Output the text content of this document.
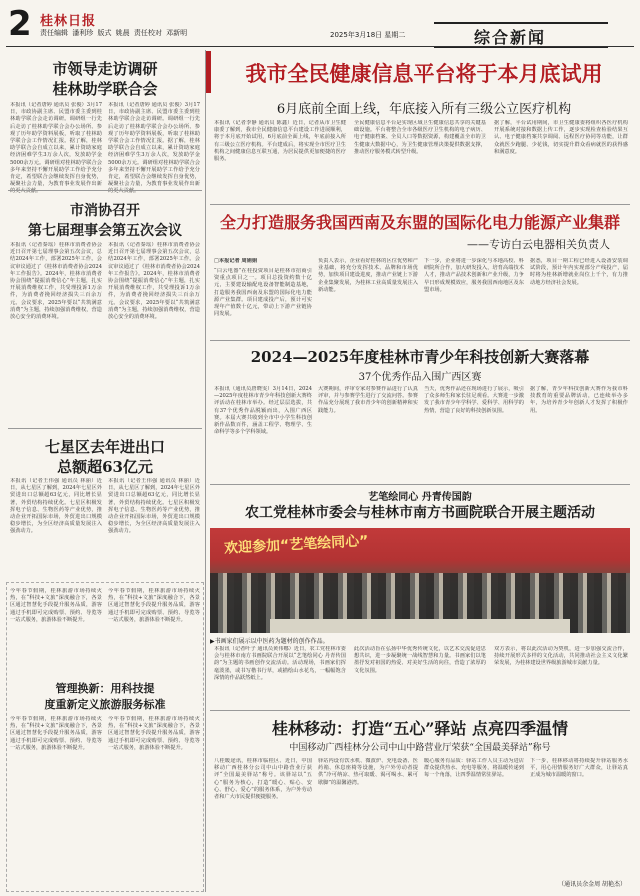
2 桂林日报
责任编辑 潘利珍 版式 姚晨 责任校对 邓新明	2025年3月18日 星期二	综合新闻
市领导走访调研
桂林助学联合会
本报讯（记者唐婷 通讯员 张俊）3月17日，市政协副主席、民盟市委主委到桂林助学联合会走访调研。调研组一行先后走访了桂林助学联合会办公场所、参观了历年助学资料展板，听取了桂林助学联合会工作情况汇报。据了解，桂林助学联合会自成立以来，累计资助家庭经济困难学生3万余人次，发放助学金5000余万元。调研组对桂林助学联合会多年来坚持不懈开展助学工作给予充分肯定，希望联合会继续发挥自身优势，凝聚社会力量，为教育事业发展作出新的更大贡献。
本报讯（记者唐婷 通讯员 张俊）3月17日，市政协副主席、民盟市委主委到桂林助学联合会走访调研。调研组一行先后走访了桂林助学联合会办公场所、参观了历年助学资料展板，听取了桂林助学联合会工作情况汇报。据了解，桂林助学联合会自成立以来，累计资助家庭经济困难学生3万余人次，发放助学金5000余万元。调研组对桂林助学联合会多年来坚持不懈开展助学工作给予充分肯定，希望联合会继续发挥自身优势，凝聚社会力量，为教育事业发展作出新的更大贡献。
市消协召开
第七届理事会第五次会议
本报讯（记者秦瑶）桂林市消费者协会近日召开第七届理事会第五次会议，总结2024年工作，部署2025年工作。会议审议通过了《桂林市消费者协会2024年工作报告》。2024年，桂林市消费者协会围绕“提振消费信心”年主题，扎实开展消费维权工作，共受理投诉1万余件，为消费者挽回经济损失三百余万元。会议要求，2025年要以“共筑满意消费”为主题，持续加强消费维权，营造放心安全的消费环境。
本报讯（记者秦瑶）桂林市消费者协会近日召开第七届理事会第五次会议，总结2024年工作，部署2025年工作。会议审议通过了《桂林市消费者协会2024年工作报告》。2024年，桂林市消费者协会围绕“提振消费信心”年主题，扎实开展消费维权工作，共受理投诉1万余件，为消费者挽回经济损失三百余万元。会议要求，2025年要以“共筑满意消费”为主题，持续加强消费维权，营造放心安全的消费环境。
七星区去年进出口
总额超63亿元
本报讯（记者王伟强 通讯员 林丽）近日，从七星区了解到，2024年七星区外贸进出口总额超63亿元，同比增长显著，外贸结构持续优化。七星区积极发挥电子信息、生物医药等产业优势，推动企业开拓国际市场，外贸进出口规模稳步增长，为全区经济高质量发展注入强劲动力。
本报讯（记者王伟强 通讯员 林丽）近日，从七星区了解到，2024年七星区外贸进出口总额超63亿元，同比增长显著，外贸结构持续优化。七星区积极发挥电子信息、生物医药等产业优势，推动企业开拓国际市场，外贸进出口规模稳步增长，为全区经济高质量发展注入强劲动力。
今年春节假期，桂林旅游市场持续火热，在“科技+文旅”深度融合下，各景区通过智慧化手段提升服务品质，游客通过手机即可完成购票、预约、导览等一站式服务，旅游体验不断提升。
今年春节假期，桂林旅游市场持续火热，在“科技+文旅”深度融合下，各景区通过智慧化手段提升服务品质，游客通过手机即可完成购票、预约、导览等一站式服务，旅游体验不断提升。
管理换新：用科技提
度重新定义旅游服务标准
今年春节假期，桂林旅游市场持续火热，在“科技+文旅”深度融合下，各景区通过智慧化手段提升服务品质，游客通过手机即可完成购票、预约、导览等一站式服务，旅游体验不断提升。
今年春节假期，桂林旅游市场持续火热，在“科技+文旅”深度融合下，各景区通过智慧化手段提升服务品质，游客通过手机即可完成购票、预约、导览等一站式服务，旅游体验不断提升。
我市全民健康信息平台将于本月底试用
6月底前全面上线，年底接入所有三级公立医疗机构
本报讯（记者李静 通讯员 陈鑫）近日，记者从市卫生健康委了解到，我市全民健康信息平台建设工作进展顺利，将于本月底开始试用，6月底前全面上线，年底前接入所有三级公立医疗机构。平台建成后，将实现全市医疗卫生机构之间健康信息互联互通，为居民提供更加便捷的医疗服务。
全民健康信息平台是实现区域卫生健康信息共享的关键基础设施。平台将整合全市各级医疗卫生机构的电子病历、电子健康档案、全员人口等数据资源，构建覆盖全市的卫生健康大数据中心，为卫生健康管理决策提供数据支撑，推动医疗服务模式转型升级。
据了解，平台试用期间，市卫生健康委将组织各医疗机构开展系统对接和数据上传工作，逐步实现检查检验结果互认、电子健康档案共享调阅、远程医疗协同等功能，让群众就医少跑腿、少花钱，切实提升群众看病就医的获得感和满意度。
全力打造服务我国西南及东盟的国际化电力能源产业集群
——专访白云电器相关负责人
□本报记者 周娟娟
“白云电器”在桂投资项目是桂林市招商引资重点项目之一。项目总投资约数十亿元，主要建设输配电设备智能制造基地，打造服务我国西南及东盟的国际化电力能源产业集群。项目建成投产后，预计可实现年产值数十亿元，带动上下游产业链协同发展。
负责人表示，企业看好桂林的区位优势和产业基础，将充分发挥技术、品牌和市场优势，加快项目建设进度，推动产业链上下游企业集聚发展，为桂林工业高质量发展注入新动能。
下一步，企业将进一步深化与本地高校、科研院所合作，加大研发投入，培育高端技术人才，推动产品技术创新和产业升级，力争早日形成规模效应，服务我国西南地区及东盟市场。
据悉，项目一期工程已经进入设备安装调试阶段，预计年内实现部分产线投产，届时将为桂林新增就业岗位上千个，有力推动地方经济社会发展。
2024—2025年度桂林市青少年科技创新大赛落幕
37个优秀作品入围广西区赛
本报讯（通讯员唐晓雯）3月14日，2024—2025年度桂林市青少年科技创新大赛终评活动在桂林市举办。经过层层选拔，共有37个优秀作品脱颖而出，入围广西区赛。本届大赛共收到全市中小学生科技创新作品数百件，涵盖工程学、物理学、生命科学等多个学科领域。
大赛期间，评审专家对参赛作品进行了认真评审，并与参赛学生进行了交流问答。参赛作品充分展现了我市青少年的创新精神和实践能力。
当天，优秀作品还在现场进行了展示，吸引了众多师生和家长驻足观看。大赛进一步激发了我市青少年学科学、爱科学、用科学的热情，营造了良好的科技创新氛围。
据了解，青少年科技创新大赛作为我市科技教育的重要品牌活动，已连续举办多年，为培养青少年创新人才发挥了积极作用。
艺笔绘同心 丹青传国韵
农工党桂林市委会与桂林市南方书画院联合开展主题活动
欢迎参加“艺笔绘同心”
▶书画家们展示以中医药为题材的创作作品。
本报讯（记者叶子 通讯员黄伟娜）近日，农工党桂林市委会与桂林市南方书画院联合开展以“艺笔绘同心 丹青传国韵”为主题的书画创作交流活动。活动现场，书画家们挥毫泼墨，或书写楷书行草，或描绘山水花鸟，一幅幅饱含深情的作品跃然纸上。
此次活动旨在弘扬中华优秀传统文化，以艺术交流促进思想共识，进一步凝聚统一战线智慧和力量。书画家们以笔墨抒发对祖国的热爱、对美好生活的向往，营造了浓厚的文化氛围。
双方表示，将以此次活动为契机，进一步加强交流合作，持续开展形式多样的文化活动，共同推动社会主义文化繁荣发展，为桂林建设世界级旅游城市贡献力量。
桂林移动：打造“五心”驿站 点亮四季温情
中国移动广西桂林分公司中山中路营业厅荣获“全国最美驿站”称号
八桂暖途讯，桂林市临桂区、近日，中国移动广西桂林分公司中山中路营业厅获评“全国最美驿站”称号。该驿站以“五心”服务为核心，打造“暖心、贴心、安心、舒心、爱心”的服务体系，为户外劳动者和广大市民提供便捷服务。
驿站内设有饮水机、微波炉、充电设备、医药箱、休息座椅等设施，为户外劳动者提供“冷可纳凉、热可取暖、渴可喝水、累可歇脚”的温馨港湾。
暖心服务有品质：驿站工作人员主动为进店群众提供热水、充电等服务，将温暖传递到每一个角落，让四季温情常驻驿站。
下一步，桂林移动将持续提升驿站服务水平，用心用情服务好广大群众，让驿站真正成为城市温暖的窗口。
（通讯员余金周 胡艳杰）
